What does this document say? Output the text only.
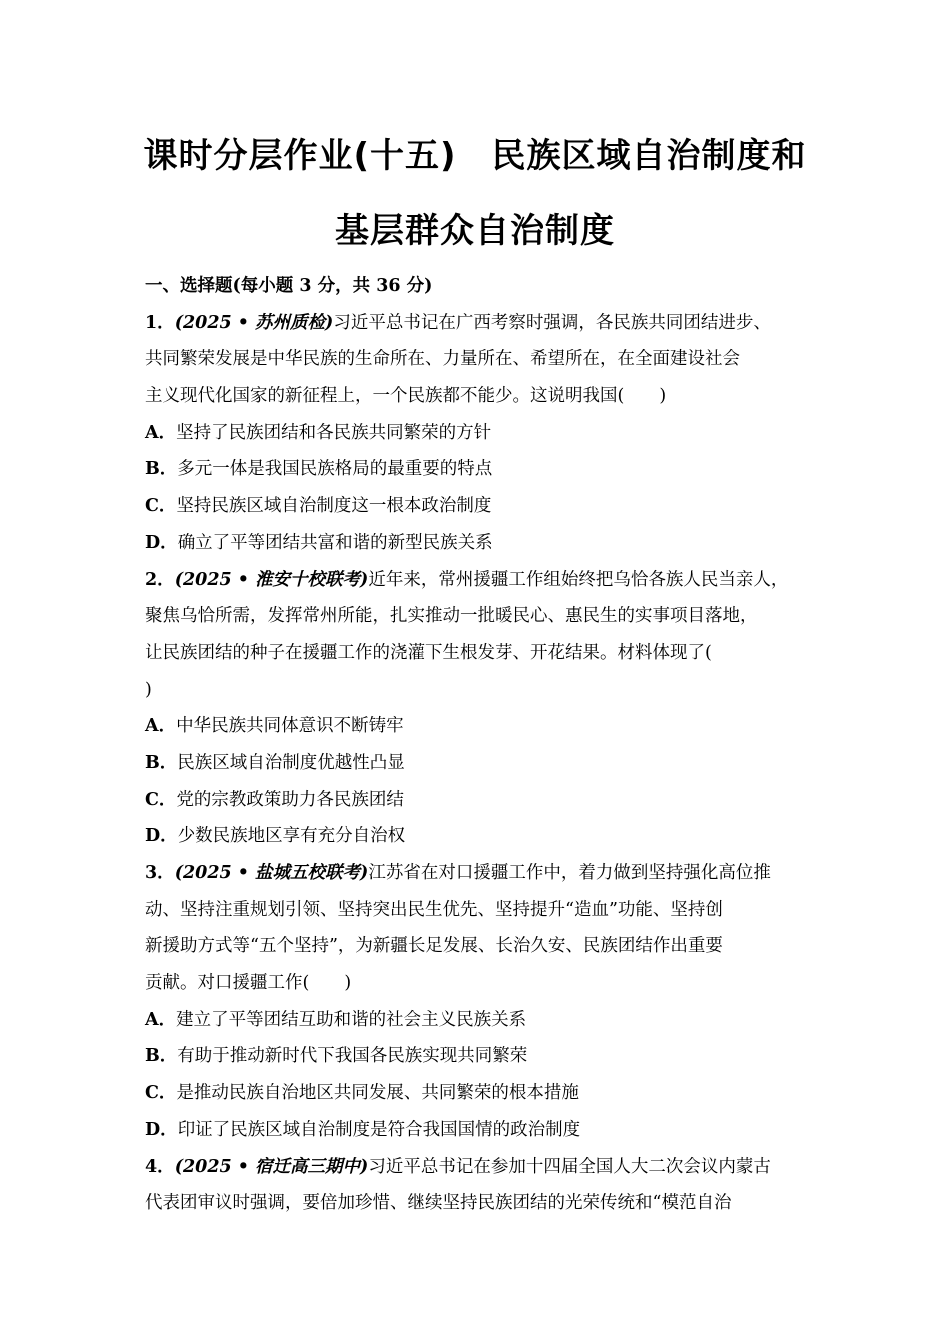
课时分层作业(十五)　民族区域自治制度和
基层群众自治制度
一、选择题(每小题 3 分，共 36 分)
1．(2025 • 苏州质检)习近平总书记在广西考察时强调，各民族共同团结进步、
共同繁荣发展是中华民族的生命所在、力量所在、希望所在，在全面建设社会
主义现代化国家的新征程上，一个民族都不能少。这说明我国(　　)
A．坚持了民族团结和各民族共同繁荣的方针
B．多元一体是我国民族格局的最重要的特点
C．坚持民族区域自治制度这一根本政治制度
D．确立了平等团结共富和谐的新型民族关系
2．(2025 • 淮安十校联考)近年来，常州援疆工作组始终把乌恰各族人民当亲人，
聚焦乌恰所需，发挥常州所能，扎实推动一批暖民心、惠民生的实事项目落地，
让民族团结的种子在援疆工作的浇灌下生根发芽、开花结果。材料体现了(
)
A．中华民族共同体意识不断铸牢
B．民族区域自治制度优越性凸显
C．党的宗教政策助力各民族团结
D．少数民族地区享有充分自治权
3．(2025 • 盐城五校联考)江苏省在对口援疆工作中，着力做到坚持强化高位推
动、坚持注重规划引领、坚持突出民生优先、坚持提升“造血”功能、坚持创
新援助方式等“五个坚持”，为新疆长足发展、长治久安、民族团结作出重要
贡献。对口援疆工作(　　)
A．建立了平等团结互助和谐的社会主义民族关系
B．有助于推动新时代下我国各民族实现共同繁荣
C．是推动民族自治地区共同发展、共同繁荣的根本措施
D．印证了民族区域自治制度是符合我国国情的政治制度
4．(2025 • 宿迁高三期中)习近平总书记在参加十四届全国人大二次会议内蒙古
代表团审议时强调，要倍加珍惜、继续坚持民族团结的光荣传统和“模范自治
